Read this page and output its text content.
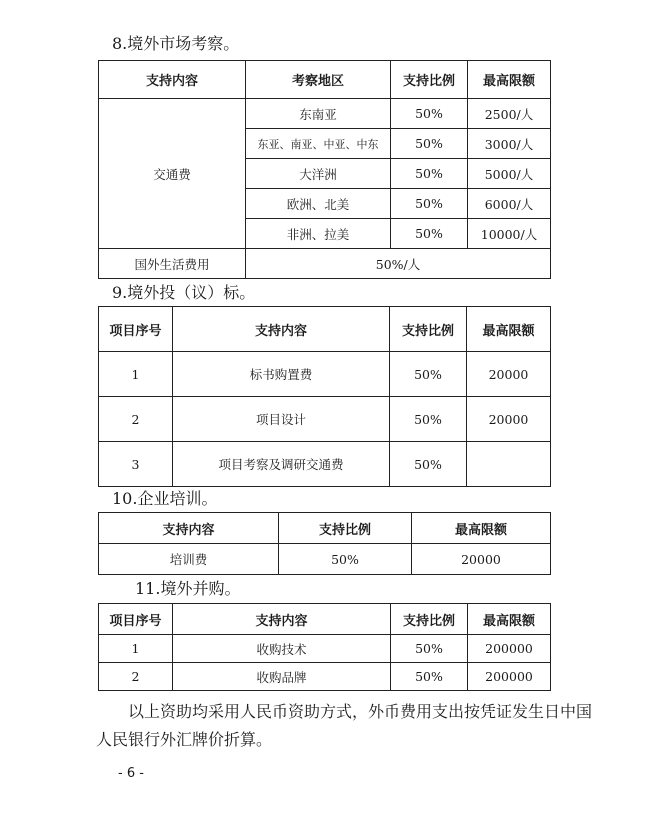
8.境外市场考察。
支持内容	考察地区	支持比例	最高限额
交通费	东南亚	50%	2500/人
	东亚、南亚、中亚、中东	50%	3000/人
	大洋洲	50%	5000/人
	欧洲、北美	50%	6000/人
	非洲、拉美	50%	10000/人
国外生活费用	50%/人		
9.境外投（议）标。
项目序号	支持内容	支持比例	最高限额
1	标书购置费	50%	20000
2	项目设计	50%	20000
3	项目考察及调研交通费	50%	
10.企业培训。
支持内容	支持比例	最高限额
培训费	50%	20000
11.境外并购。
项目序号	支持内容	支持比例	最高限额
1	收购技术	50%	200000
2	收购品牌	50%	200000
以上资助均采用人民币资助方式，外币费用支出按凭证发生日中国人民银行外汇牌价折算。
- 6 -
